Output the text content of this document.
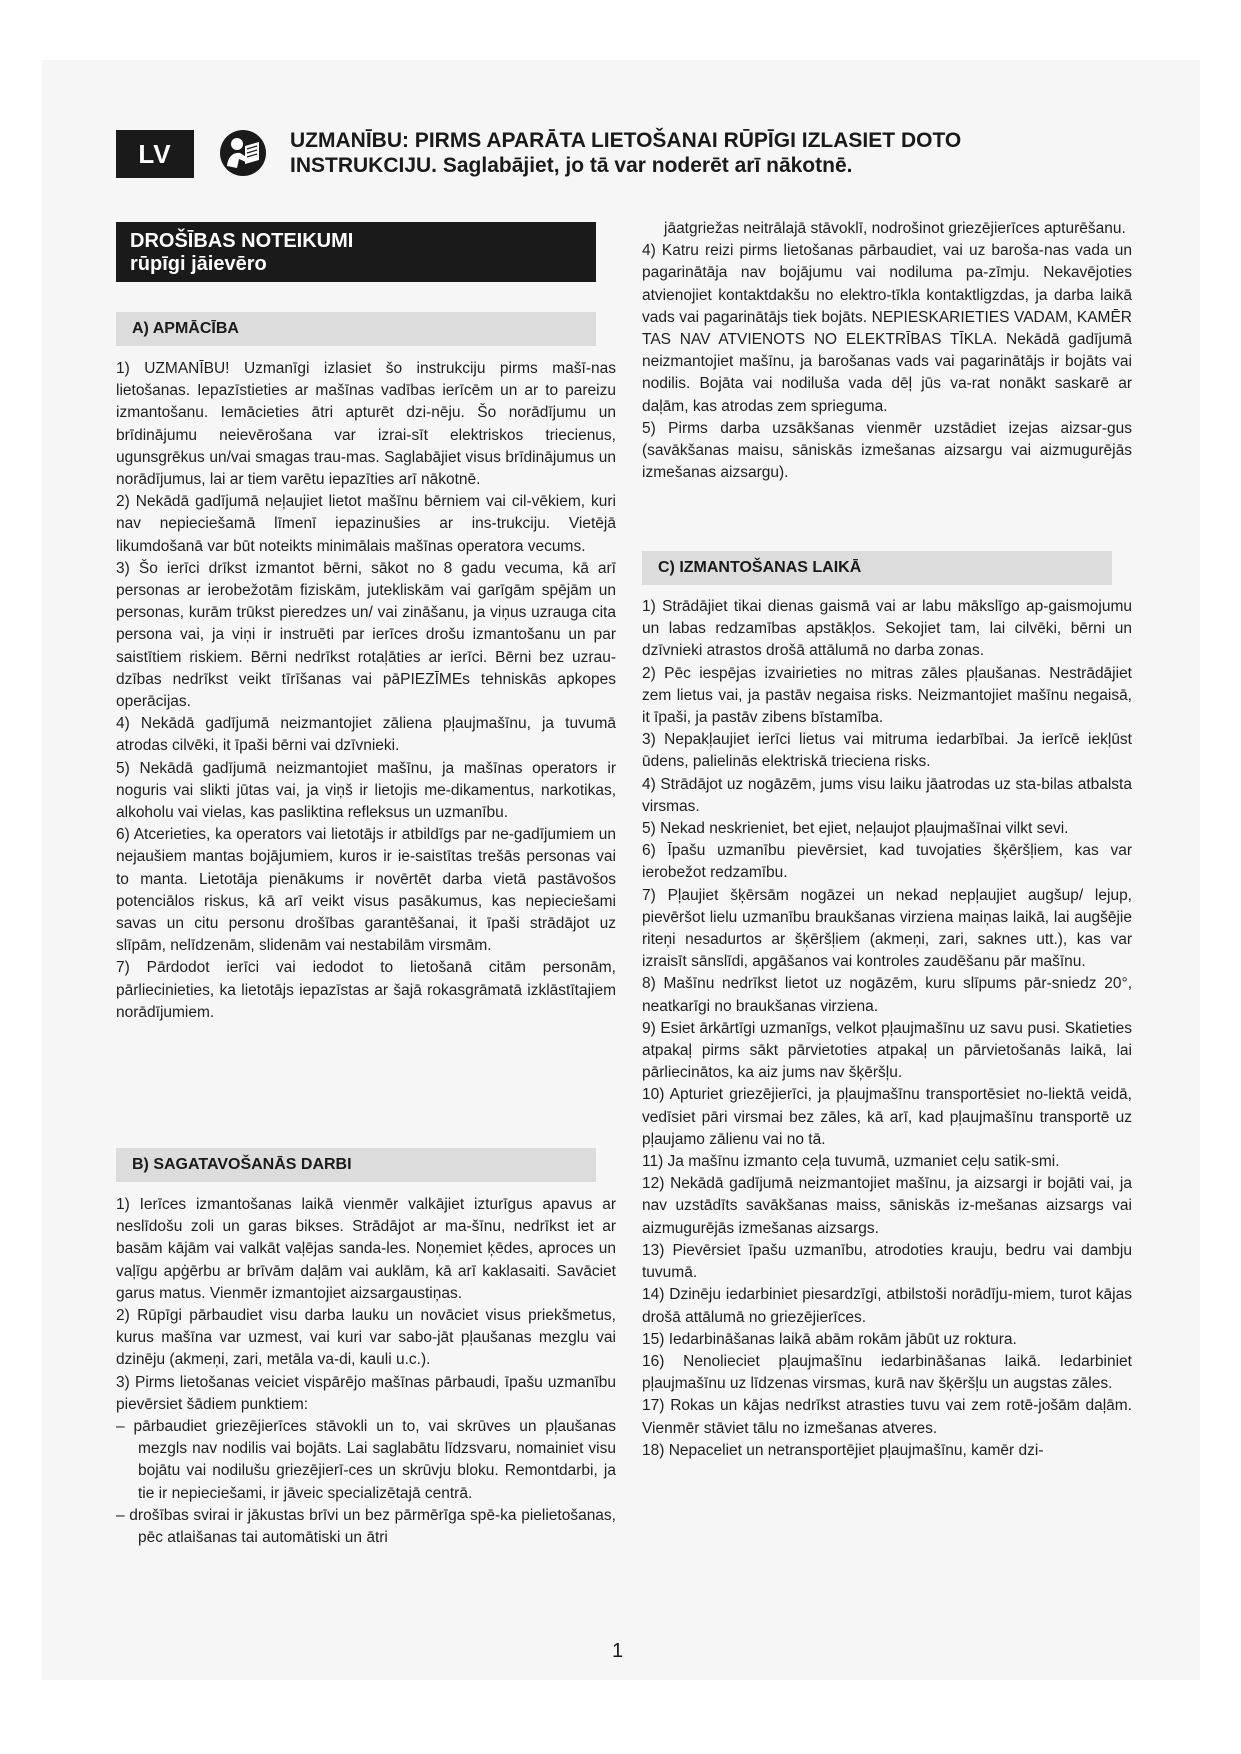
LV	UZMANĪBU: PIRMS APARĀTA LIETOŠANAI RŪPĪGI IZLASIET DOTO
INSTRUKCIJU. Saglabājiet, jo tā var noderēt arī nākotnē.
DROŠĪBAS NOTEIKUMI
rūpīgi jāievēro
A) APMĀCĪBA

1) UZMANĪBU! Uzmanīgi izlasiet šo instrukciju pirms mašī-nas lietošanas. Iepazīstieties ar mašīnas vadības ierīcēm un ar to pareizu izmantošanu. Iemācieties ātri apturēt dzi-nēju. Šo norādījumu un brīdinājumu neievērošana var izrai-sīt elektriskos triecienus, ugunsgrēkus un/vai smagas trau-mas. Saglabājiet visus brīdinājumus un norādījumus, lai ar tiem varētu iepazīties arī nākotnē.

2) Nekādā gadījumā neļaujiet lietot mašīnu bērniem vai cil-vēkiem, kuri nav nepieciešamā līmenī iepazinušies ar ins-trukciju. Vietējā likumdošanā var būt noteikts minimālais mašīnas operatora vecums.

3) Šo ierīci drīkst izmantot bērni, sākot no 8 gadu vecuma, kā arī personas ar ierobežotām fiziskām, jutekliskām vai garīgām spējām un personas, kurām trūkst pieredzes un/ vai zināšanu, ja viņus uzrauga cita persona vai, ja viņi ir instruēti par ierīces drošu izmantošanu un par saistītiem riskiem. Bērni nedrīkst rotaļāties ar ierīci. Bērni bez uzrau-dzības nedrīkst veikt tīrīšanas vai pāPIEZĪMEs tehniskās apkopes operācijas.

4) Nekādā gadījumā neizmantojiet zāliena pļaujmašīnu, ja tuvumā atrodas cilvēki, it īpaši bērni vai dzīvnieki.

5) Nekādā gadījumā neizmantojiet mašīnu, ja mašīnas operators ir noguris vai slikti jūtas vai, ja viņš ir lietojis me-dikamentus, narkotikas, alkoholu vai vielas, kas pasliktina refleksus un uzmanību.

6) Atcerieties, ka operators vai lietotājs ir atbildīgs par ne-gadījumiem un nejaušiem mantas bojājumiem, kuros ir ie-saistītas trešās personas vai to manta. Lietotāja pienākums ir novērtēt darba vietā pastāvošos potenciālos riskus, kā arī veikt visus pasākumus, kas nepieciešami savas un citu personu drošības garantēšanai, it īpaši strādājot uz slīpām, nelīdzenām, slidenām vai nestabilām virsmām.

7) Pārdodot ierīci vai iedodot to lietošanā citām personām, pārliecinieties, ka lietotājs iepazīstas ar šajā rokasgrāmatā izklāstītajiem norādījumiem.

B) SAGATAVOŠANĀS DARBI

1) Ierīces izmantošanas laikā vienmēr valkājiet izturīgus apavus ar neslīdošu zoli un garas bikses. Strādājot ar ma-šīnu, nedrīkst iet ar basām kājām vai valkāt vaļējas sanda-les. Noņemiet ķēdes, aproces un vaļīgu apģērbu ar brīvām daļām vai auklām, kā arī kaklasaiti. Savāciet garus matus. Vienmēr izmantojiet aizsargaustiņas.

2) Rūpīgi pārbaudiet visu darba lauku un novāciet visus priekšmetus, kurus mašīna var uzmest, vai kuri var sabo-jāt pļaušanas mezglu vai dzinēju (akmeņi, zari, metāla va-di, kauli u.c.).

3) Pirms lietošanas veiciet vispārējo mašīnas pārbaudi, īpašu uzmanību pievērsiet šādiem punktiem:

– pārbaudiet griezējierīces stāvokli un to, vai skrūves un pļaušanas mezgls nav nodilis vai bojāts. Lai saglabātu līdzsvaru, nomainiet visu bojātu vai nodilušu griezējierī-ces un skrūvju bloku. Remontdarbi, ja tie ir nepieciešami, ir jāveic specializētajā centrā.

– drošības svirai ir jākustas brīvi un bez pārmērīga spē-ka pielietošanas, pēc atlaišanas tai automātiski un ātri

jāatgriežas neitrālajā stāvoklī, nodrošinot griezējierīces apturēšanu.

4) Katru reizi pirms lietošanas pārbaudiet, vai uz baroša-nas vada un pagarinātāja nav bojājumu vai nodiluma pa-zīmju. Nekavējoties atvienojiet kontaktdakšu no elektro-tīkla kontaktligzdas, ja darba laikā vads vai pagarinātājs tiek bojāts. NEPIESKARIETIES VADAM, KAMĒR TAS NAV ATVIENOTS NO ELEKTRĪBAS TĪKLA. Nekādā gadījumā neizmantojiet mašīnu, ja barošanas vads vai pagarinātājs ir bojāts vai nodilis. Bojāta vai nodiluša vada dēļ jūs va-rat nonākt saskarē ar daļām, kas atrodas zem sprieguma.

5) Pirms darba uzsākšanas vienmēr uzstādiet izejas aizsar-gus (savākšanas maisu, sāniskās izmešanas aizsargu vai aizmugurējās izmešanas aizsargu).

C) IZMANTOŠANAS LAIKĀ

1) Strādājiet tikai dienas gaismā vai ar labu mākslīgo ap-gaismojumu un labas redzamības apstākļos. Sekojiet tam, lai cilvēki, bērni un dzīvnieki atrastos drošā attālumā no darba zonas.

2) Pēc iespējas izvairieties no mitras zāles pļaušanas. Nestrādājiet zem lietus vai, ja pastāv negaisa risks. Neizmantojiet mašīnu negaisā, it īpaši, ja pastāv zibens bīstamība.

3) Nepakļaujiet ierīci lietus vai mitruma iedarbībai. Ja ierīcē iekļūst ūdens, palielinās elektriskā trieciena risks.

4) Strādājot uz nogāzēm, jums visu laiku jāatrodas uz sta-bilas atbalsta virsmas.

5) Nekad neskrieniet, bet ejiet, neļaujot pļaujmašīnai vilkt sevi.

6) Īpašu uzmanību pievērsiet, kad tuvojaties šķēršļiem, kas var ierobežot redzamību.

7) Pļaujiet šķērsām nogāzei un nekad nepļaujiet augšup/ lejup, pievēršot lielu uzmanību braukšanas virziena maiņas laikā, lai augšējie riteņi nesadurtos ar šķēršļiem (akmeņi, zari, saknes utt.), kas var izraisīt sānslīdi, apgāšanos vai kontroles zaudēšanu pār mašīnu.

8) Mašīnu nedrīkst lietot uz nogāzēm, kuru slīpums pār-sniedz 20°, neatkarīgi no braukšanas virziena.

9) Esiet ārkārtīgi uzmanīgs, velkot pļaujmašīnu uz savu pusi. Skatieties atpakaļ pirms sākt pārvietoties atpakaļ un pārvietošanās laikā, lai pārliecinātos, ka aiz jums nav šķēršļu.

10) Apturiet griezējierīci, ja pļaujmašīnu transportēsiet no-liektā veidā, vedīsiet pāri virsmai bez zāles, kā arī, kad pļaujmašīnu transportē uz pļaujamo zālienu vai no tā.

11) Ja mašīnu izmanto ceļa tuvumā, uzmaniet ceļu satik-smi.

12) Nekādā gadījumā neizmantojiet mašīnu, ja aizsargi ir bojāti vai, ja nav uzstādīts savākšanas maiss, sāniskās iz-mešanas aizsargs vai aizmugurējās izmešanas aizsargs.

13) Pievērsiet īpašu uzmanību, atrodoties krauju, bedru vai dambju tuvumā.

14) Dzinēju iedarbiniet piesardzīgi, atbilstoši norādīju-miem, turot kājas drošā attālumā no griezējierīces.

15) Iedarbināšanas laikā abām rokām jābūt uz roktura.

16) Nenolieciet pļaujmašīnu iedarbināšanas laikā. Iedarbiniet pļaujmašīnu uz līdzenas virsmas, kurā nav šķēršļu un augstas zāles.

17) Rokas un kājas nedrīkst atrasties tuvu vai zem rotē-jošām daļām. Vienmēr stāviet tālu no izmešanas atveres.

18) Nepaceliet un netransportējiet pļaujmašīnu, kamēr dzi-

1
